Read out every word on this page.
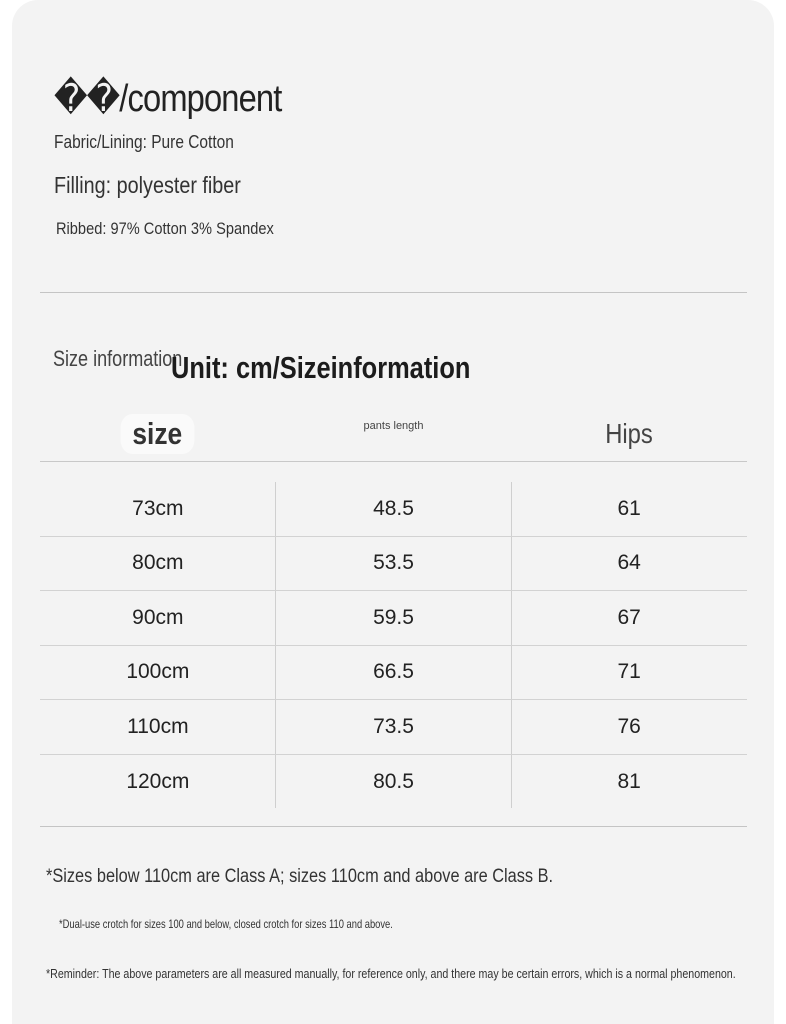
��/component
Fabric/Lining: Pure Cotton
Filling: polyester fiber
Ribbed: 97% Cotton 3% Spandex
Size information
Unit: cm/Sizeinformation
size	pants length	Hips
73cm	48.5	61
80cm	53.5	64
90cm	59.5	67
100cm	66.5	71
110cm	73.5	76
120cm	80.5	81
*Sizes below 110cm are Class A; sizes 110cm and above are Class B.
*Dual-use crotch for sizes 100 and below, closed crotch for sizes 110 and above.
*Reminder: The above parameters are all measured manually, for reference only, and there may be certain errors, which is a normal phenomenon.
